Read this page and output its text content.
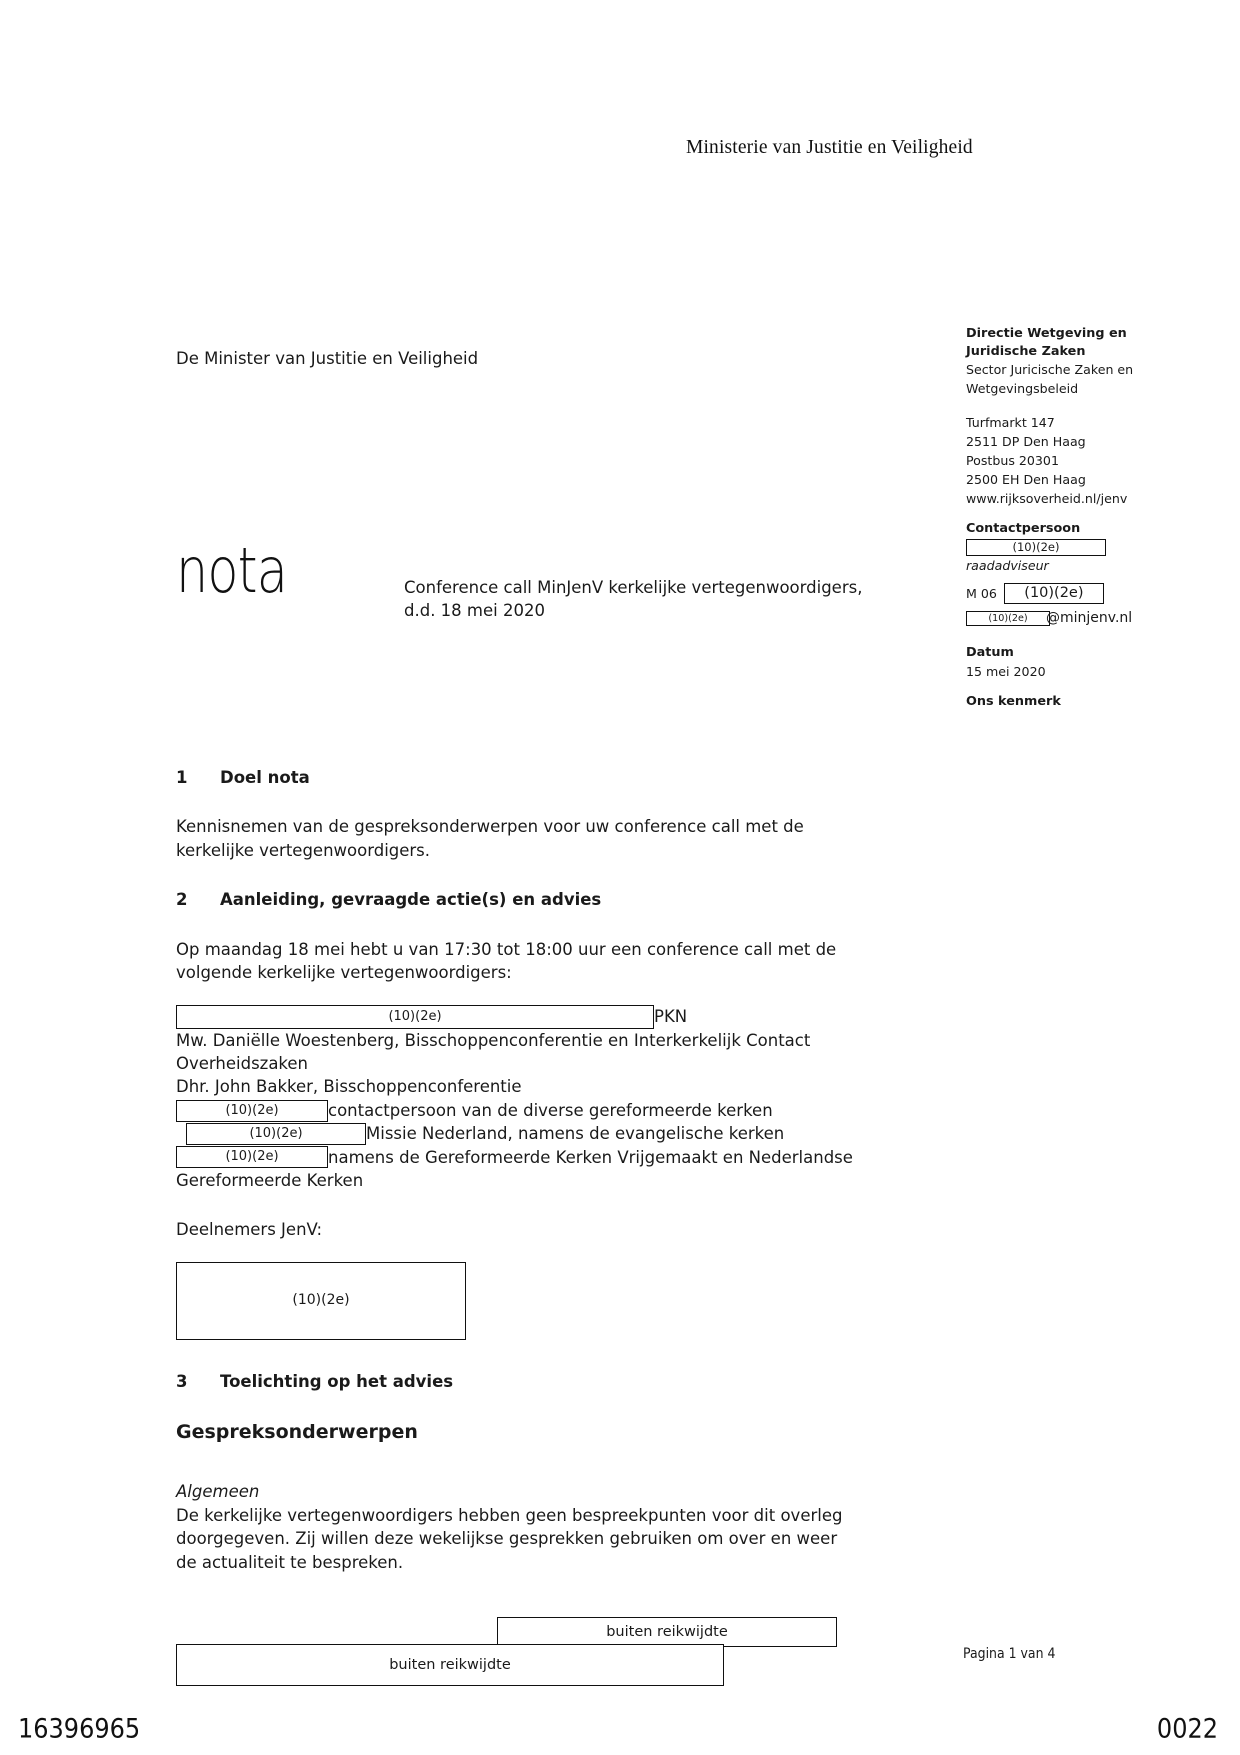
Ministerie van Justitie en Veiligheid
De Minister van Justitie en Veiligheid
nota	Conference call MinJenV kerkelijke vertegenwoordigers,
d.d. 18 mei 2020
Directie Wetgeving en
Juridische Zaken
Sector Juricische Zaken en
Wetgevingsbeleid
Turfmarkt 147
2511 DP Den Haag
Postbus 20301
2500 EH Den Haag
www.rijksoverheid.nl/jenv
Contactpersoon
(10)(2e)
raadadviseur
M 06	(10)(2e)
(10)(2e)	@minjenv.nl
Datum
15 mei 2020
Ons kenmerk
1	Doel nota

Kennisnemen van de gespreksonderwerpen voor uw conference call met de
kerkelijke vertegenwoordigers.

2	Aanleiding, gevraagde actie(s) en advies

Op maandag 18 mei hebt u van 17:30 tot 18:00 uur een conference call met de
volgende kerkelijke vertegenwoordigers:

(10)(2e)	PKN
Mw. Daniëlle Woestenberg, Bisschoppenconferentie en Interkerkelijk Contact
Overheidszaken
Dhr. John Bakker, Bisschoppenconferentie
(10)(2e)	contactpersoon van de diverse gereformeerde kerken
(10)(2e)	Missie Nederland, namens de evangelische kerken
(10)(2e)	namens de Gereformeerde Kerken Vrijgemaakt en Nederlandse
Gereformeerde Kerken
Deelnemers JenV:
(10)(2e)
3	Toelichting op het advies
Gespreksonderwerpen
Algemeen

De kerkelijke vertegenwoordigers hebben geen bespreekpunten voor dit overleg
doorgegeven. Zij willen deze wekelijkse gesprekken gebruiken om over en weer
de actualiteit te bespreken.

buiten reikwijdte
buiten reikwijdte
Pagina 1 van 4
16396965	0022
